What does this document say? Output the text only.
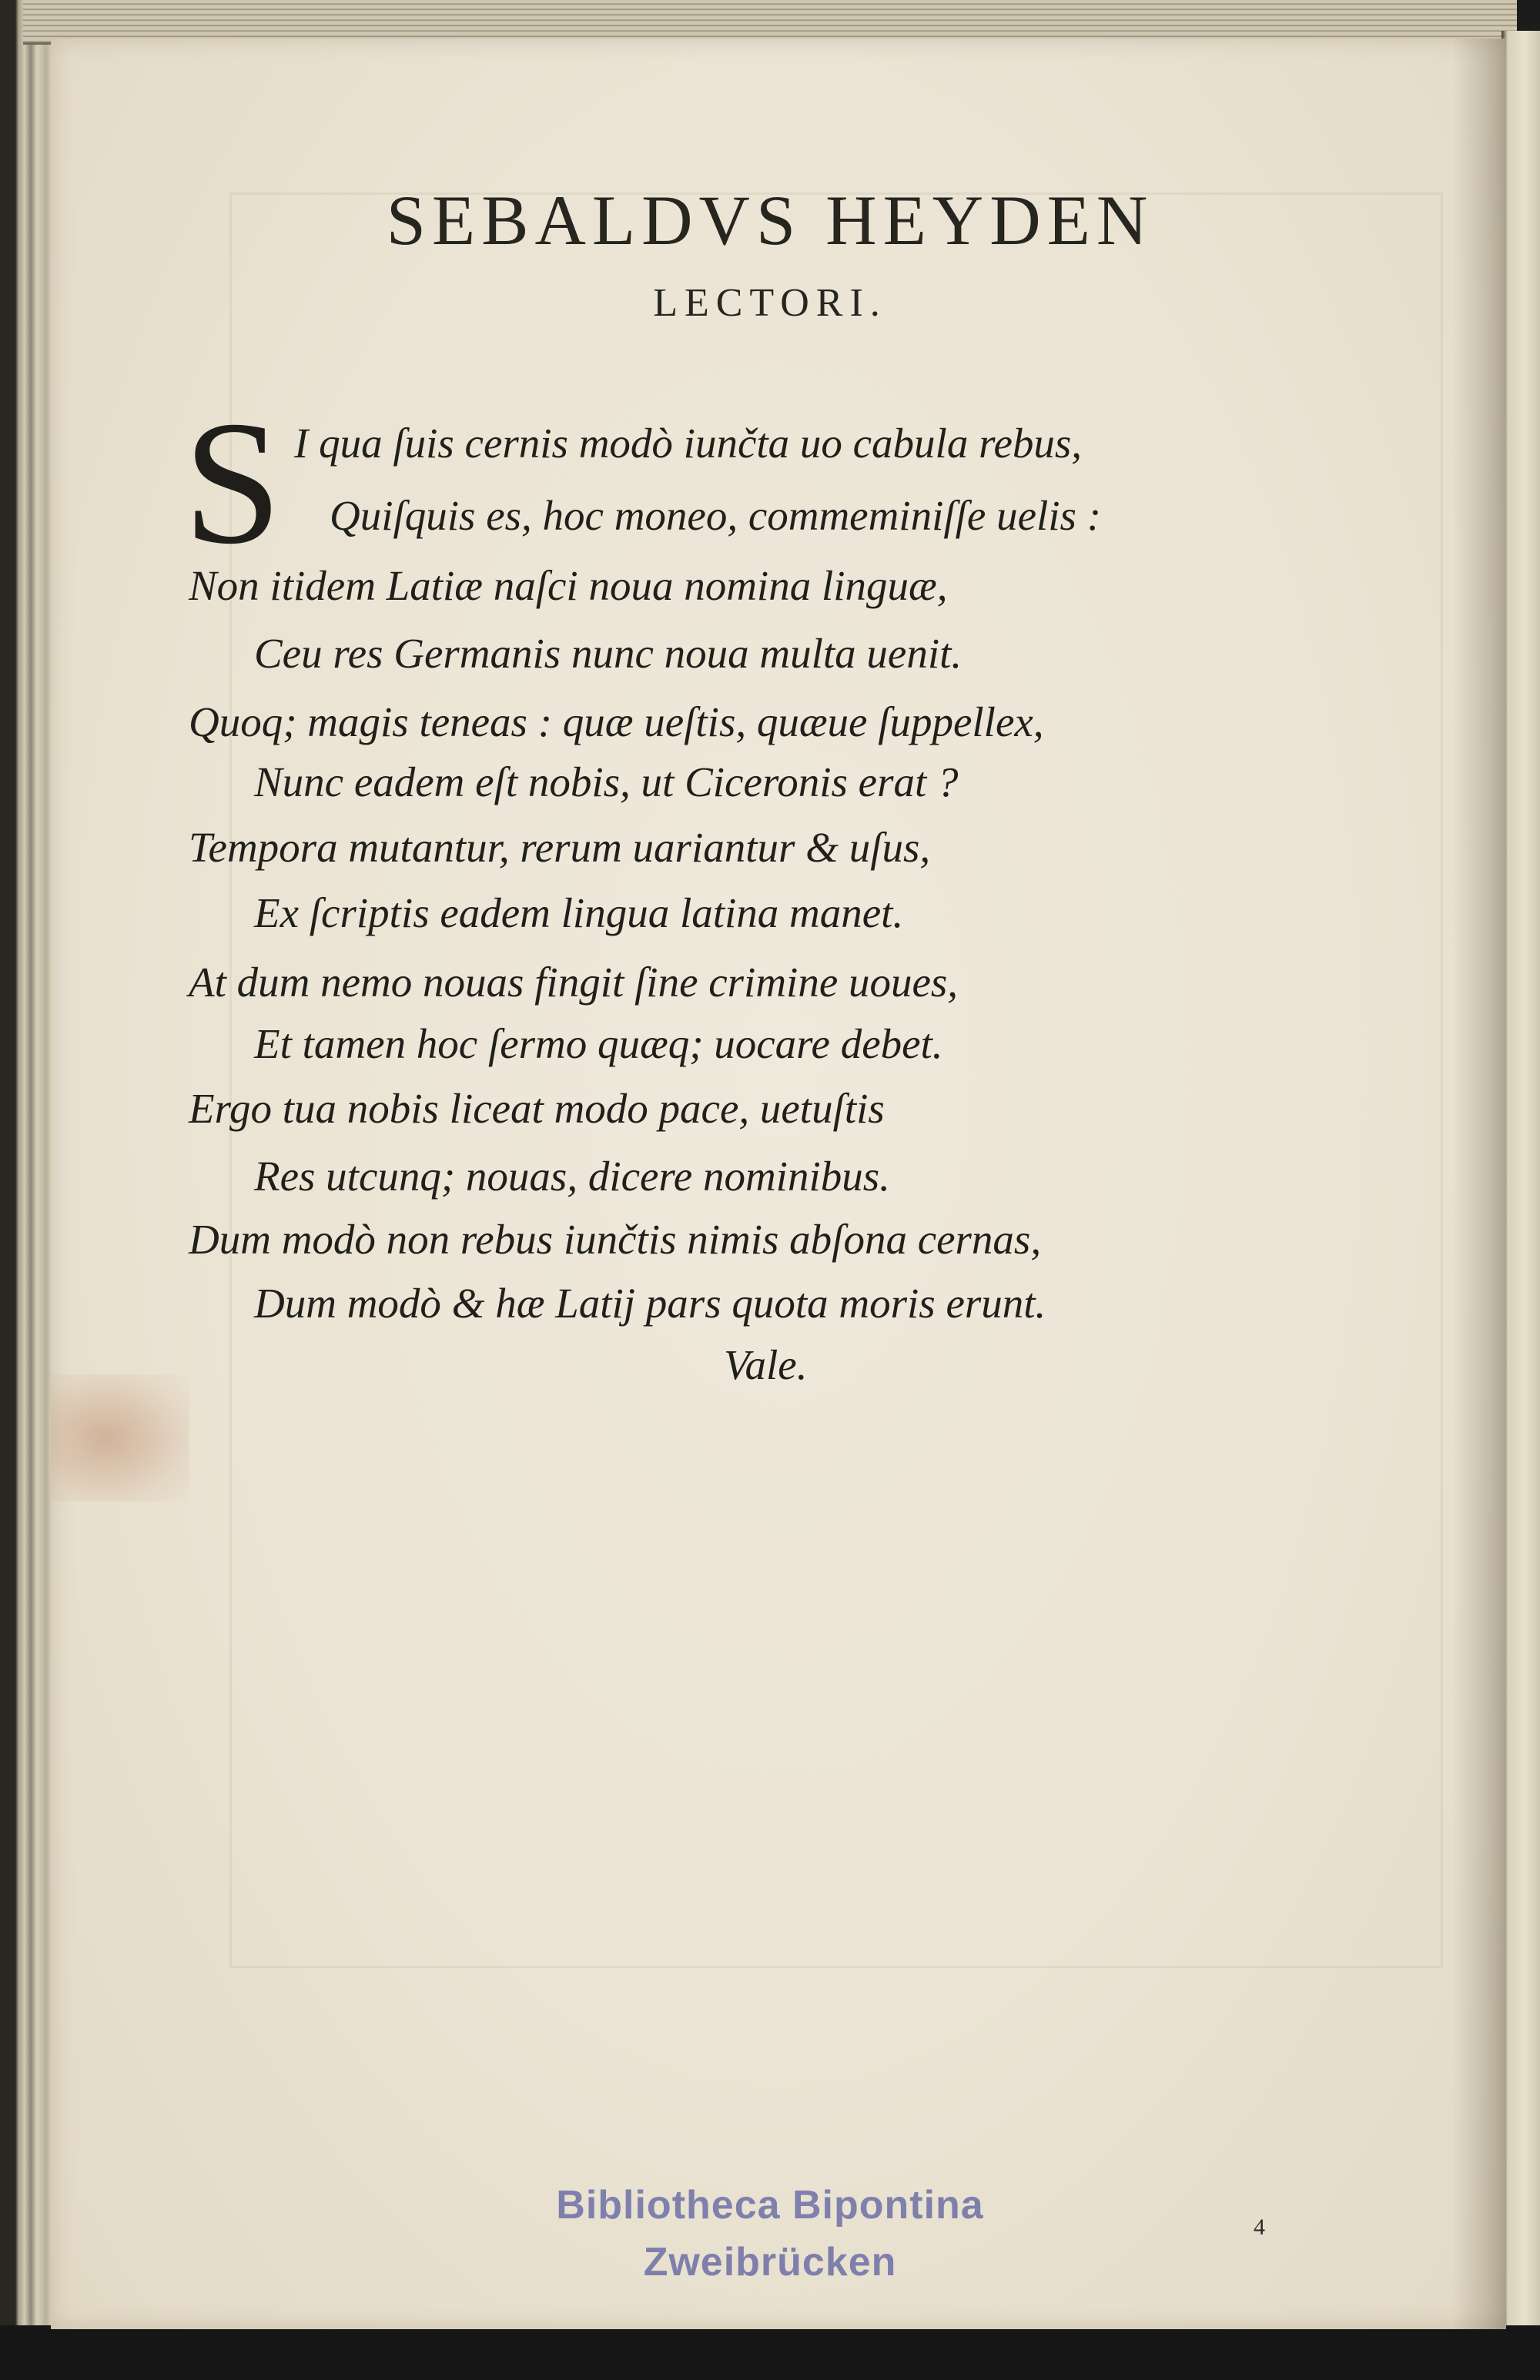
SEBALDVS HEYDEN
LECTORI.
S I qua ſuis cernis modò iunčta uo cabula rebus,
Quiſquis es, hoc moneo, commeminiſſe uelis :
Non itidem Latiæ naſci noua nomina linguæ,
Ceu res Germanis nunc noua multa uenit.
Quoq; magis teneas : quæ ueſtis, quæue ſuppellex,
Nunc eadem eſt nobis, ut Ciceronis erat ?
Tempora mutantur, rerum uariantur & uſus,
Ex ſcriptis eadem lingua latina manet.
At dum nemo nouas fingit ſine crimine uoues,
Et tamen hoc ſermo quæq; uocare debet.
Ergo tua nobis liceat modo pace, uetuſtis
Res utcunq; nouas, dicere nominibus.
Dum modò non rebus iunčtis nimis abſona cernas,
Dum modò & hæ Latij pars quota moris erunt.
Vale.
Bibliotheca Bipontina
Zweibrücken
4
